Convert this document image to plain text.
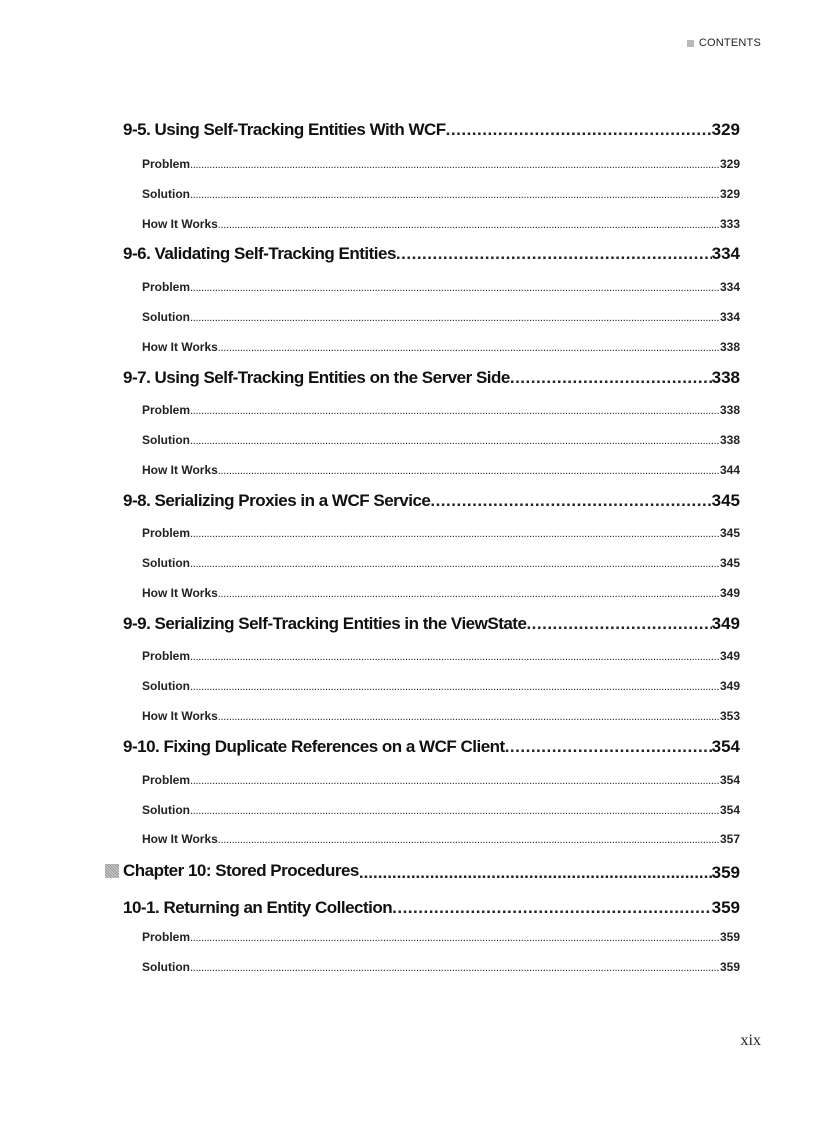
CONTENTS
9-5. Using Self-Tracking Entities With WCF .....	329
Problem .....	329
Solution .....	329
How It Works .....	333
9-6. Validating Self-Tracking Entities .....	334
Problem .....	334
Solution .....	334
How It Works .....	338
9-7. Using Self-Tracking Entities on the Server Side .....	338
Problem .....	338
Solution .....	338
How It Works .....	344
9-8. Serializing Proxies in a WCF Service .....	345
Problem .....	345
Solution .....	345
How It Works .....	349
9-9. Serializing Self-Tracking Entities in the ViewState .....	349
Problem .....	349
Solution .....	349
How It Works .....	353
9-10. Fixing Duplicate References on a WCF Client .....	354
Problem .....	354
Solution .....	354
How It Works .....	357
Chapter 10: Stored Procedures .....	359
10-1. Returning an Entity Collection .....	359
Problem .....	359
Solution .....	359
xix
